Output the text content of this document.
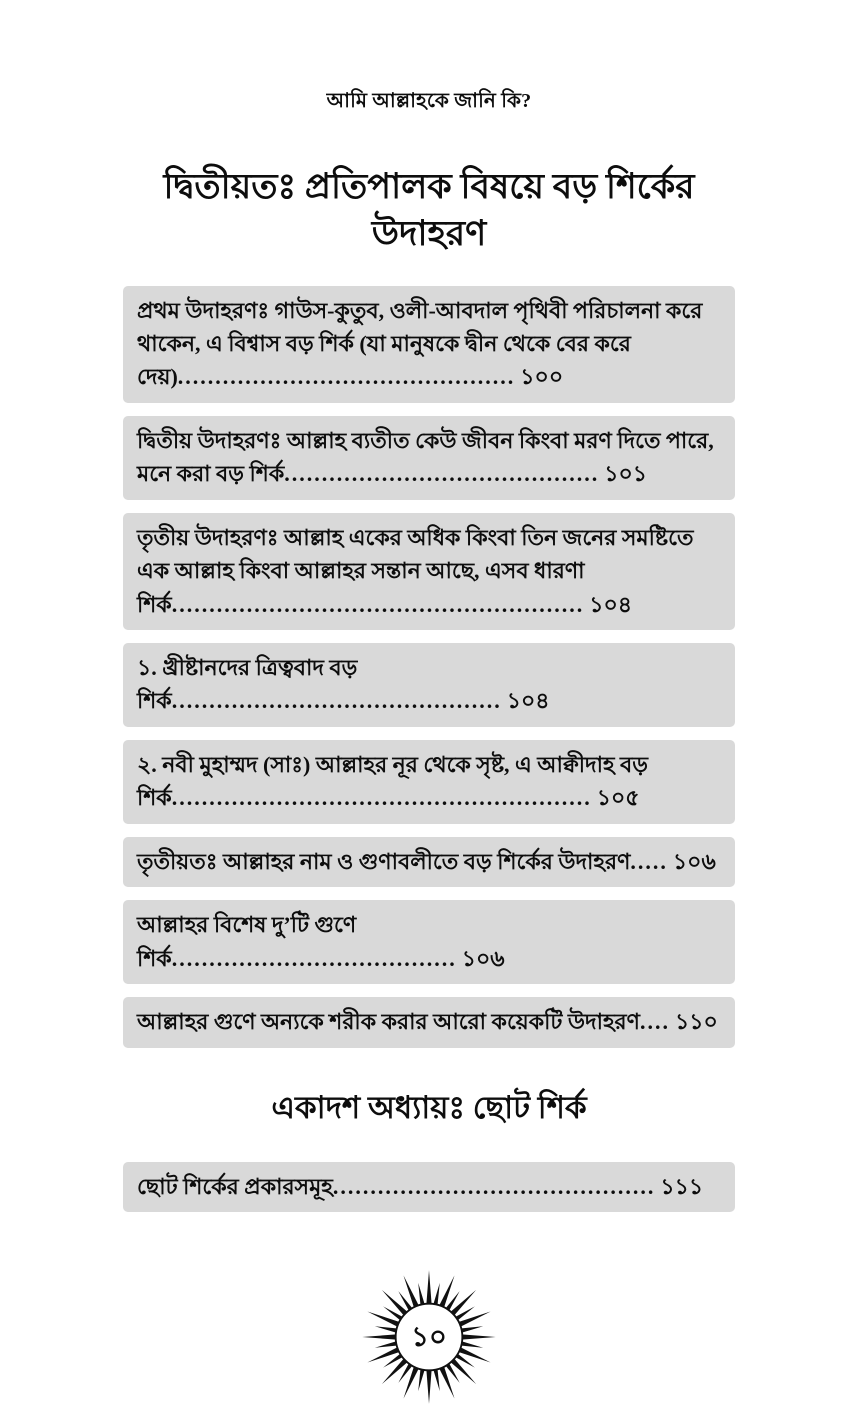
আমি আল্লাহকে জানি কি?
দ্বিতীয়তঃ প্রতিপালক বিষয়ে বড় শির্কের
উদাহরণ
প্রথম উদাহরণঃ গাউস-কুতুব, ওলী-আবদাল পৃথিবী পরিচালনা করে থাকেন, এ বিশ্বাস বড় শির্ক (যা মানুষকে দ্বীন থেকে বের করে দেয়)............................................. ১০০
দ্বিতীয় উদাহরণঃ আল্লাহ ব্যতীত কেউ জীবন কিংবা মরণ দিতে পারে, মনে করা বড় শির্ক.......................................... ১০১
তৃতীয় উদাহরণঃ আল্লাহ একের অধিক কিংবা তিন জনের সমষ্টিতে এক আল্লাহ কিংবা আল্লাহর সন্তান আছে, এসব ধারণা শির্ক....................................................... ১০৪
১. খ্রীষ্টানদের ত্রিত্ববাদ বড় শির্ক............................................ ১০৪
২. নবী মুহাম্মদ (সাঃ) আল্লাহর নূর থেকে সৃষ্ট, এ আক্বীদাহ বড় শির্ক........................................................ ১০৫
তৃতীয়তঃ আল্লাহর নাম ও গুণাবলীতে বড় শির্কের উদাহরণ..... ১০৬
আল্লাহর বিশেষ দু’টি গুণে শির্ক...................................... ১০৬
আল্লাহর গুণে অন্যকে শরীক করার আরো কয়েকটি উদাহরণ.... ১১০
একাদশ অধ্যায়ঃ ছোট শির্ক
ছোট শির্কের প্রকারসমূহ........................................... ১১১
১০
